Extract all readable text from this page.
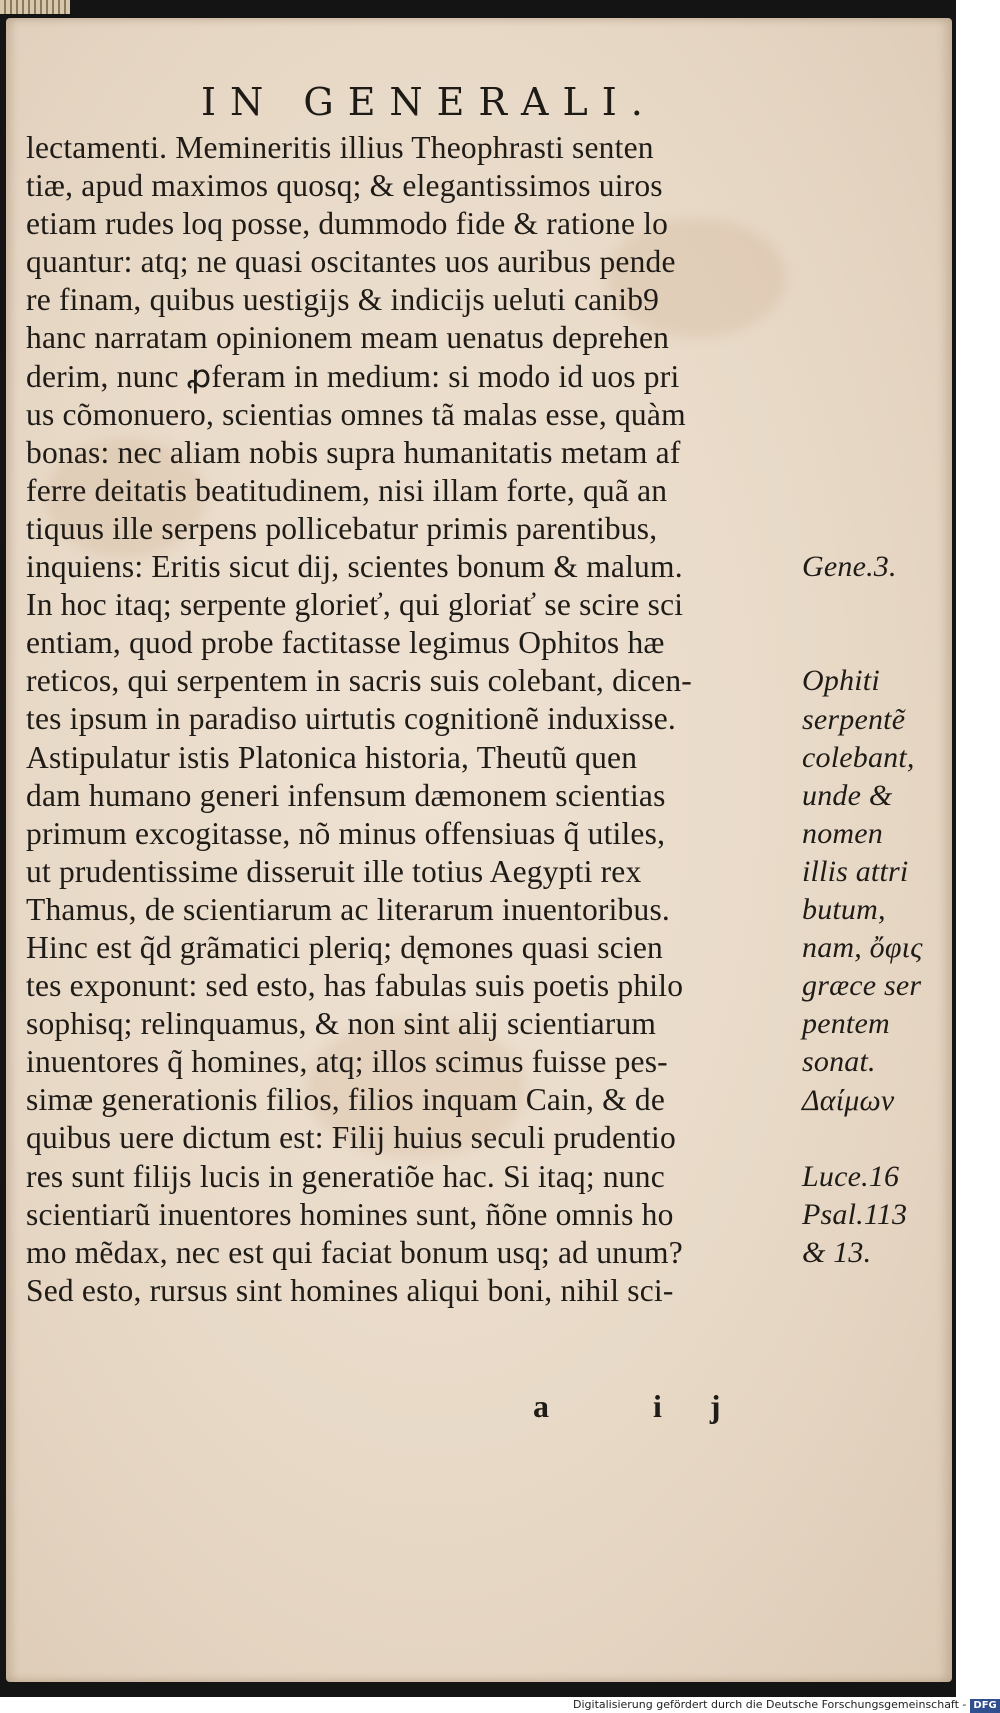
IN GENERALI.
lectamenti. Memineritis illius Theophrasti senten
tiæ, apud maximos quosq; & elegantissimos uiros
etiam rudes loq posse, dummodo fide & ratione lo
quantur: atq; ne quasi oscitantes uos auribus pende
re finam, quibus uestigijs & indicijs ueluti canib9
hanc narratam opinionem meam uenatus deprehen
derim, nunc ꝓferam in medium: si modo id uos pri
us cõmonuero, scientias omnes tã malas esse, quàm
bonas: nec aliam nobis supra humanitatis metam af
ferre deitatis beatitudinem, nisi illam forte, quã an
tiquus ille serpens pollicebatur primis parentibus,
inquiens: Eritis sicut dij, scientes bonum & malum.
In hoc itaq; serpente glorieť, qui gloriať se scire sci
entiam, quod probe factitasse legimus Ophitos hæ
reticos, qui serpentem in sacris suis colebant, dicen-
tes ipsum in paradiso uirtutis cognitionẽ induxisse.
Astipulatur istis Platonica historia, Theutũ quen
dam humano generi infensum dæmonem scientias
primum excogitasse, nõ minus offensiuas q̃ utiles,
ut prudentissime disseruit ille totius Aegypti rex
Thamus, de scientiarum ac literarum inuentoribus.
Hinc est q̃d grãmatici pleriq; dęmones quasi scien
tes exponunt: sed esto, has fabulas suis poetis philo
sophisq; relinquamus, & non sint alij scientiarum
inuentores q̃ homines, atq; illos scimus fuisse pes-
simæ generationis filios, filios inquam Cain, & de
quibus uere dictum est: Filij huius seculi prudentio
res sunt filijs lucis in generatiõe hac. Si itaq; nunc
scientiarũ inuentores homines sunt, ñõne omnis ho
mo mẽdax, nec est qui faciat bonum usq; ad unum?
Sed esto, rursus sint homines aliqui boni, nihil sci-
Gene.3.
Ophiti
serpentẽ
colebant,
unde &
nomen
illis attri
butum,
nam, ὄφις
græce ser
pentem
sonat.
Δαίμων
Luce.16
Psal.113
& 13.
a ij
Digitalisierung gefördert durch die Deutsche Forschungsgemeinschaft - DFG
